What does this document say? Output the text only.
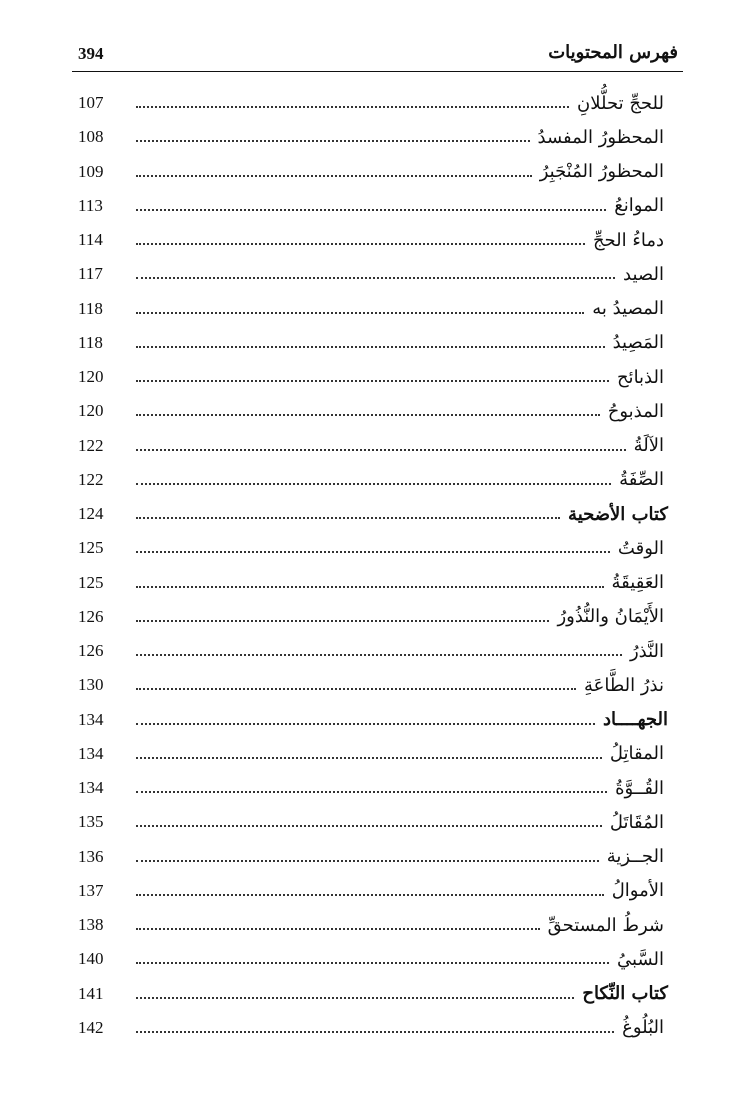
394	فهرس المحتويات
107	للحجِّ تحلُّلانِ
108	المحظورُ المفسدُ
109	المحظورُ المُنْجَبِرُ
113	الموانعُ
114	دماءُ الحجِّ
117	الصيد
118	المصيدُ به
118	المَصِيدُ
120	الذبائح
120	المذبوحُ
122	الآلَةُ
122	الصِّفَةُ
124	كتاب الأضحية
125	الوقتُ
125	العَقِيقَةُ
126	الأَيْمَانُ والنُّذُورُ
126	النَّذرُ
130	نذرُ الطَّاعَةِ
134	الجهــــاد
134	المقاتِلُ
134	القُــوَّةُ
135	المُقَاتَلُ
136	الجــزية
137	الأموالُ
138	شرطُ المستحقِّ
140	السَّبيُ
141	كتاب النِّكاح
142	البُلُوغُ
